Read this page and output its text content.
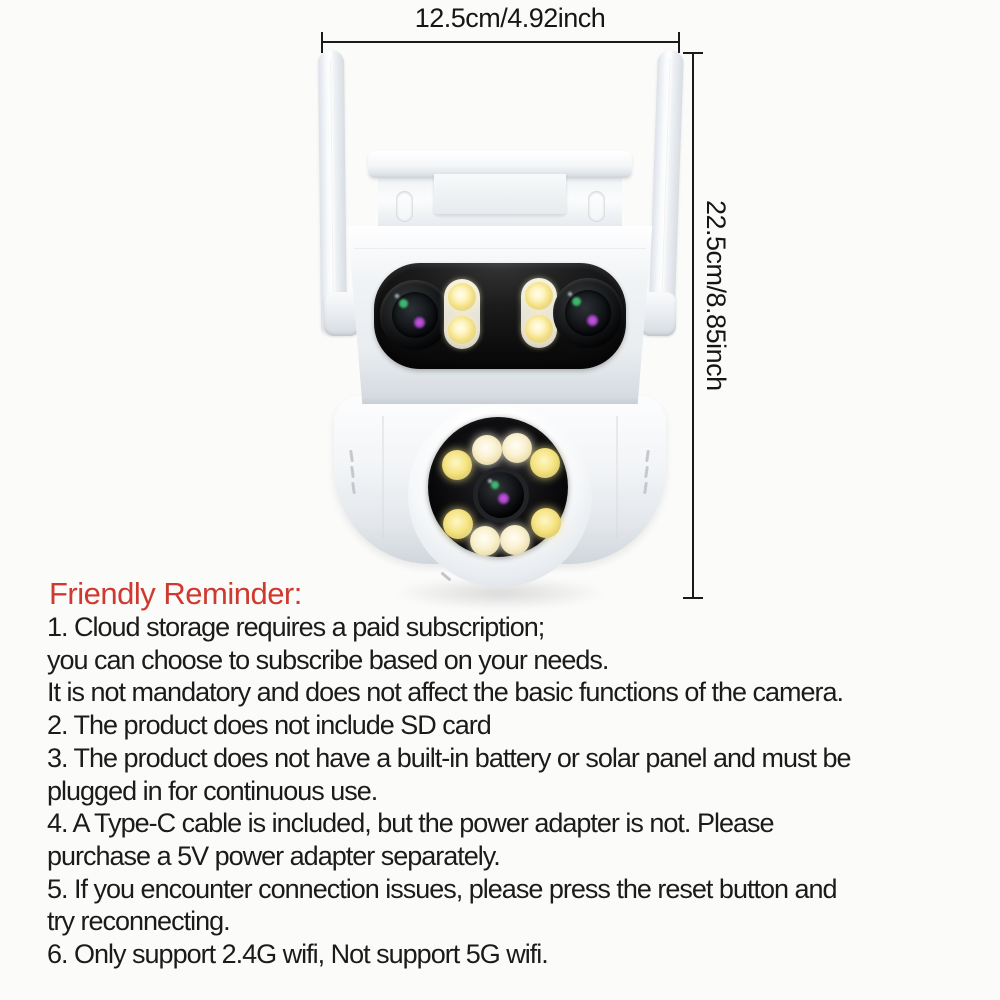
12.5cm/4.92inch
22.5cm/8.85inch
Friendly Reminder:
1. Cloud storage requires a paid subscription;
you can choose to subscribe based on your needs.
It is not mandatory and does not affect the basic functions of the camera.
2. The product does not include SD card
3. The product does not have a built-in battery or solar panel and must be
plugged in for continuous use.
4. A Type-C cable is included, but the power adapter is not. Please
purchase a 5V power adapter separately.
5. If you encounter connection issues, please press the reset button and
try reconnecting.
6. Only support 2.4G wifi, Not support 5G wifi.
